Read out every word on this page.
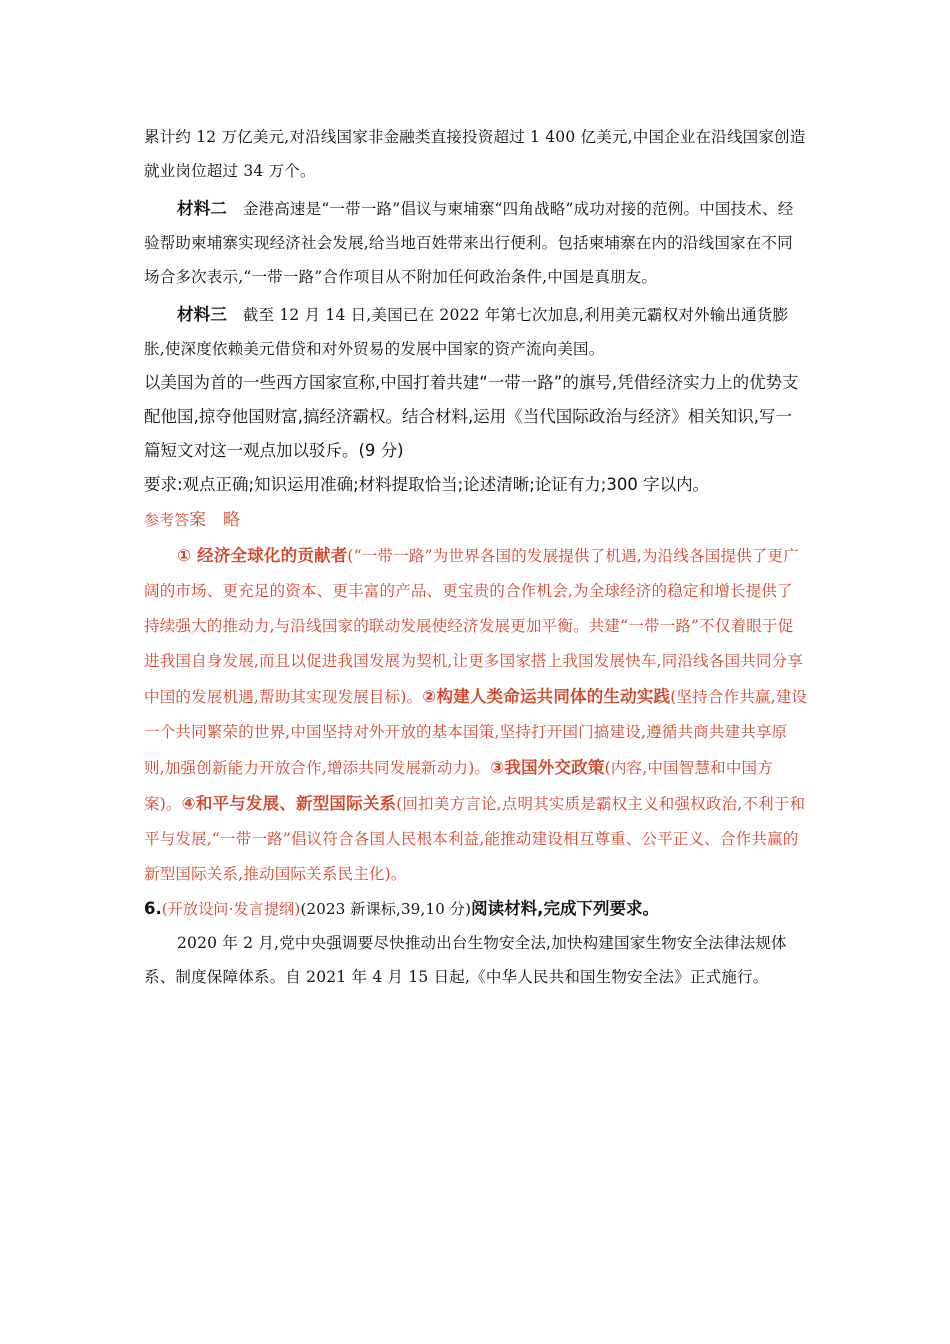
累计约 12 万亿美元,对沿线国家非金融类直接投资超过 1 400 亿美元,中国企业在沿线国家创造就业岗位超过 34 万个。

材料二　 金港高速是“一带一路”倡议与柬埔寨“四角战略”成功对接的范例。中国技术、经验帮助柬埔寨实现经济社会发展,给当地百姓带来出行便利。包括柬埔寨在内的沿线国家在不同场合多次表示,“一带一路”合作项目从不附加任何政治条件,中国是真朋友。

材料三　 截至 12 月 14 日,美国已在 2022 年第七次加息,利用美元霸权对外输出通货膨胀,使深度依赖美元借贷和对外贸易的发展中国家的资产流向美国。

以美国为首的一些西方国家宣称,中国打着共建“一带一路”的旗号,凭借经济实力上的优势支配他国,掠夺他国财富,搞经济霸权。结合材料,运用《当代国际政治与经济》相关知识,写一篇短文对这一观点加以驳斥。(9 分)

要求:观点正确;知识运用准确;材料提取恰当;论述清晰;论证有力;300 字以内。

参考答案　略

① 经济全球化的贡献者(“一带一路”为世界各国的发展提供了机遇,为沿线各国提供了更广阔的市场、更充足的资本、更丰富的产品、更宝贵的合作机会,为全球经济的稳定和增长提供了持续强大的推动力,与沿线国家的联动发展使经济发展更加平衡。共建“一带一路”不仅着眼于促进我国自身发展,而且以促进我国发展为契机,让更多国家搭上我国发展快车,同沿线各国共同分享中国的发展机遇,帮助其实现发展目标)。②构建人类命运共同体的生动实践(坚持合作共赢,建设一个共同繁荣的世界,中国坚持对外开放的基本国策,坚持打开国门搞建设,遵循共商共建共享原则,加强创新能力开放合作,增添共同发展新动力)。③我国外交政策(内容,中国智慧和中国方案)。④和平与发展、新型国际关系(回扣美方言论,点明其实质是霸权主义和强权政治,不利于和平与发展,“一带一路”倡议符合各国人民根本利益,能推动建设相互尊重、公平正义、合作共赢的新型国际关系,推动国际关系民主化)。

6.(开放设问·发言提纲)(2023 新课标,39,10 分)阅读材料,完成下列要求。

2020 年 2 月,党中央强调要尽快推动出台生物安全法,加快构建国家生物安全法律法规体系、制度保障体系。自 2021 年 4 月 15 日起,《中华人民共和国生物安全法》正式施行。
